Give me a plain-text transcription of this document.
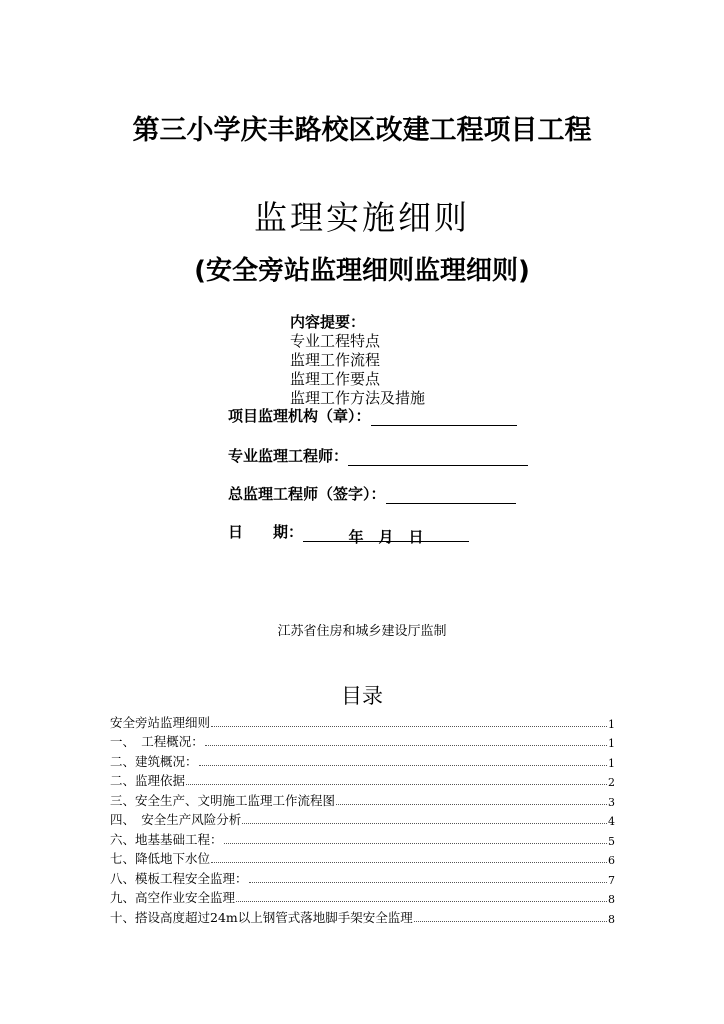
第三小学庆丰路校区改建工程项目工程
监理实施细则
(安全旁站监理细则监理细则)
内容提要：
专业工程特点
监理工作流程
监理工作要点
监理工作方法及措施
项目监理机构（章）：
专业监理工程师：
总监理工程师（签字）：
日　　期：	年　月　日
江苏省住房和城乡建设厅监制
目录
安全旁站监理细则	1
一、　工程概况：	1
二、建筑概况：	1
二、监理依据	2
三、安全生产、文明施工监理工作流程图	3
四、　安全生产风险分析	4
六、地基基础工程：	5
七、降低地下水位	6
八、模板工程安全监理：	7
九、高空作业安全监理	8
十、搭设高度超过24m以上钢管式落地脚手架安全监理	8
